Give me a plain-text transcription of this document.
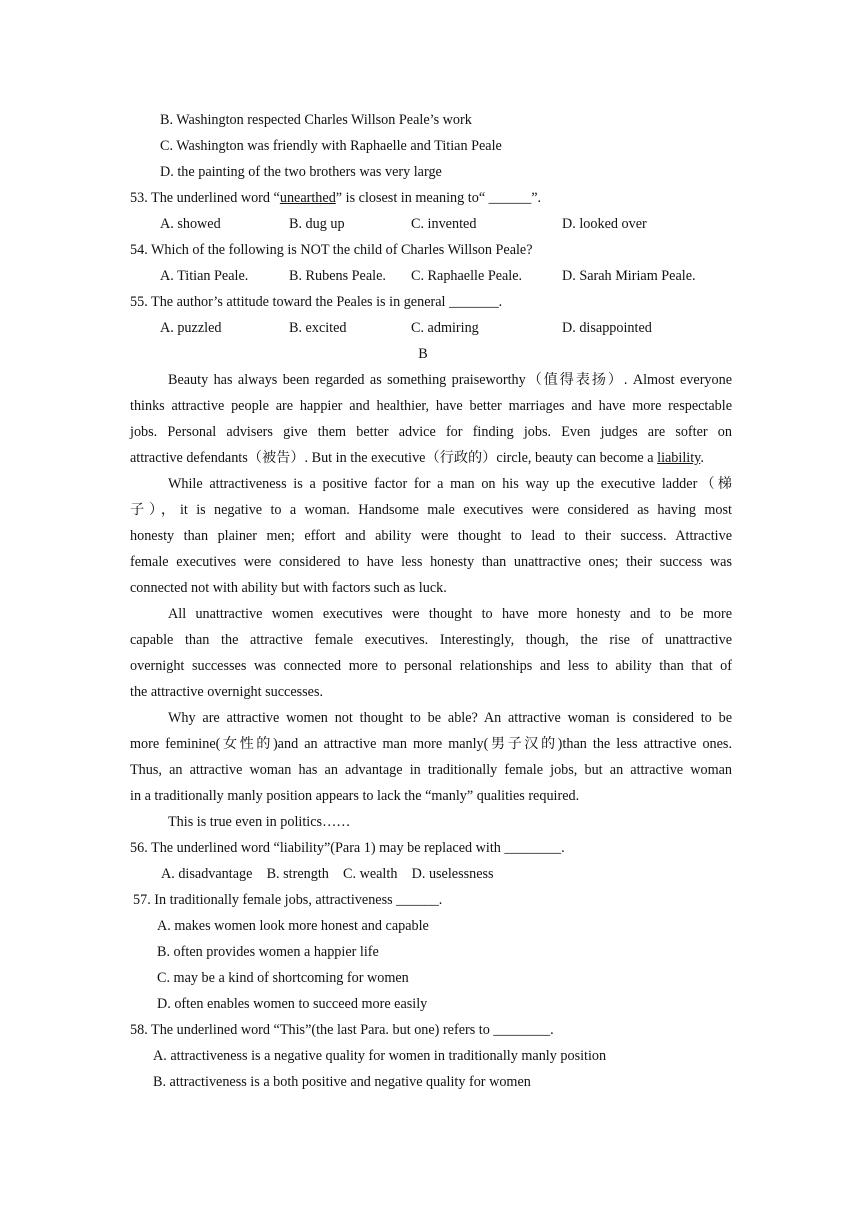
B. Washington respected Charles Willson Peale’s work
C. Washington was friendly with Raphaelle and Titian Peale
D. the painting of the two brothers was very large
53. The underlined word “unearthed” is closest in meaning to“ ______”.
A. showed	B. dug up	C. invented	D. looked over
54. Which of the following is NOT the child of Charles Willson Peale?
A. Titian Peale.	B. Rubens Peale. C. Raphaelle Peale.	D. Sarah Miriam Peale.
55. The author’s attitude toward the Peales is in general _______.
A. puzzled	B. excited	C. admiring	D. disappointed
B
Beauty has always been regarded as something praiseworthy（值得表扬）. Almost everyone
thinks attractive people are happier and healthier, have better marriages and have more respectable
jobs. Personal advisers give them better advice for finding jobs. Even judges are softer on
attractive defendants（被告）. But in the executive（行政的）circle, beauty can become a liability.
While attractiveness is a positive factor for a man on his way up the executive ladder（梯
子），it is negative to a woman. Handsome male executives were considered as having most
honesty than plainer men; effort and ability were thought to lead to their success. Attractive
female executives were considered to have less honesty than unattractive ones; their success was
connected not with ability but with factors such as luck.
All unattractive women executives were thought to have more honesty and to be more
capable than the attractive female executives. Interestingly, though, the rise of unattractive
overnight successes was connected more to personal relationships and less to ability than that of
the attractive overnight successes.
Why are attractive women not thought to be able? An attractive woman is considered to be
more feminine(女性的)and an attractive man more manly(男子汉的)than the less attractive ones.
Thus, an attractive woman has an advantage in traditionally female jobs, but an attractive woman
in a traditionally manly position appears to lack the “manly” qualities required.
This is true even in politics……
56. The underlined word “liability”(Para 1) may be replaced with ________.
A. disadvantage    B. strength    C. wealth    D. uselessness
57. In traditionally female jobs, attractiveness ______.
A. makes women look more honest and capable
B. often provides women a happier life
C. may be a kind of shortcoming for women
D. often enables women to succeed more easily
58. The underlined word “This”(the last Para. but one) refers to ________.
A. attractiveness is a negative quality for women in traditionally manly position
B. attractiveness is a both positive and negative quality for women
